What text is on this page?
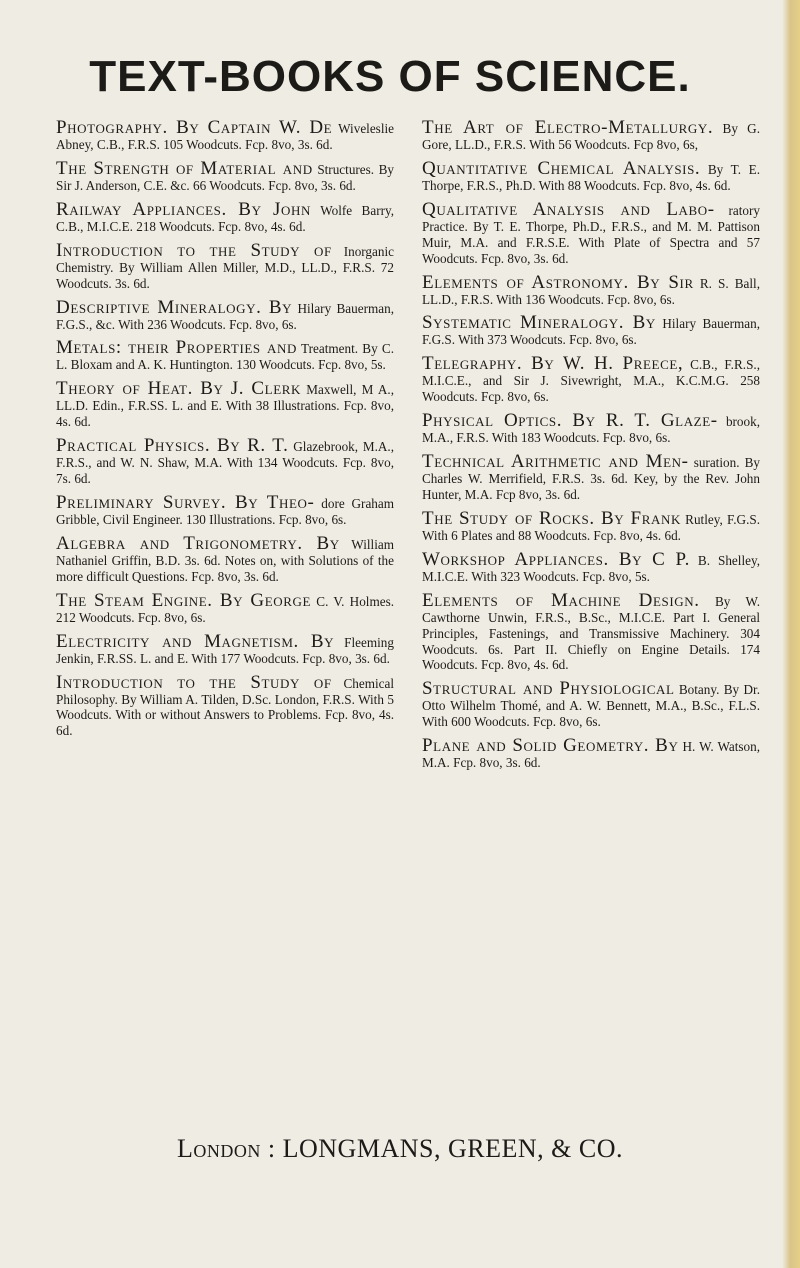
TEXT-BOOKS OF SCIENCE.
Photography. By Captain W. De Wiveleslie Abney, C.B., F.R.S. 105 Woodcuts. Fcp. 8vo, 3s. 6d.
The Strength of Material and Structures. By Sir J. Anderson, C.E. &c. 66 Woodcuts. Fcp. 8vo, 3s. 6d.
Railway Appliances. By John Wolfe Barry, C.B., M.I.C.E. 218 Woodcuts. Fcp. 8vo, 4s. 6d.
Introduction to the Study of Inorganic Chemistry. By William Allen Miller, M.D., LL.D., F.R.S. 72 Woodcuts. 3s. 6d.
Descriptive Mineralogy. By Hilary Bauerman, F.G.S., &c. With 236 Woodcuts. Fcp. 8vo, 6s.
Metals: their Properties and Treatment. By C. L. Bloxam and A. K. Huntington. 130 Woodcuts. Fcp. 8vo, 5s.
Theory of Heat. By J. Clerk Maxwell, M A., LL.D. Edin., F.R.SS. L. and E. With 38 Illustrations. Fcp. 8vo, 4s. 6d.
Practical Physics. By R. T. Glazebrook, M.A., F.R.S., and W. N. Shaw, M.A. With 134 Woodcuts. Fcp. 8vo, 7s. 6d.
Preliminary Survey. By Theo- dore Graham Gribble, Civil Engineer. 130 Illustrations. Fcp. 8vo, 6s.
Algebra and Trigonometry. By William Nathaniel Griffin, B.D. 3s. 6d. Notes on, with Solutions of the more difficult Questions. Fcp. 8vo, 3s. 6d.
The Steam Engine. By George C. V. Holmes. 212 Woodcuts. Fcp. 8vo, 6s.
Electricity and Magnetism. By Fleeming Jenkin, F.R.SS. L. and E. With 177 Woodcuts. Fcp. 8vo, 3s. 6d.
Introduction to the Study of Chemical Philosophy. By William A. Tilden, D.Sc. London, F.R.S. With 5 Woodcuts. With or without Answers to Problems. Fcp. 8vo, 4s. 6d.
The Art of Electro-Metallurgy. By G. Gore, LL.D., F.R.S. With 56 Woodcuts. Fcp 8vo, 6s,
Quantitative Chemical Analysis. By T. E. Thorpe, F.R.S., Ph.D. With 88 Woodcuts. Fcp. 8vo, 4s. 6d.
Qualitative Analysis and Labo- ratory Practice. By T. E. Thorpe, Ph.D., F.R.S., and M. M. Pattison Muir, M.A. and F.R.S.E. With Plate of Spectra and 57 Woodcuts. Fcp. 8vo, 3s. 6d.
Elements of Astronomy. By Sir R. S. Ball, LL.D., F.R.S. With 136 Woodcuts. Fcp. 8vo, 6s.
Systematic Mineralogy. By Hilary Bauerman, F.G.S. With 373 Woodcuts. Fcp. 8vo, 6s.
Telegraphy. By W. H. Preece, C.B., F.R.S., M.I.C.E., and Sir J. Sivewright, M.A., K.C.M.G. 258 Woodcuts. Fcp. 8vo, 6s.
Physical Optics. By R. T. Glaze- brook, M.A., F.R.S. With 183 Woodcuts. Fcp. 8vo, 6s.
Technical Arithmetic and Men- suration. By Charles W. Merrifield, F.R.S. 3s. 6d. Key, by the Rev. John Hunter, M.A. Fcp 8vo, 3s. 6d.
The Study of Rocks. By Frank Rutley, F.G.S. With 6 Plates and 88 Woodcuts. Fcp. 8vo, 4s. 6d.
Workshop Appliances. By C P. B. Shelley, M.I.C.E. With 323 Woodcuts. Fcp. 8vo, 5s.
Elements of Machine Design. By W. Cawthorne Unwin, F.R.S., B.Sc., M.I.C.E. Part I. General Principles, Fastenings, and Transmissive Machinery. 304 Woodcuts. 6s. Part II. Chiefly on Engine Details. 174 Woodcuts. Fcp. 8vo, 4s. 6d.
Structural and Physiological Botany. By Dr. Otto Wilhelm Thomé, and A. W. Bennett, M.A., B.Sc., F.L.S. With 600 Woodcuts. Fcp. 8vo, 6s.
Plane and Solid Geometry. By H. W. Watson, M.A. Fcp. 8vo, 3s. 6d.
London : LONGMANS, GREEN, & CO.
